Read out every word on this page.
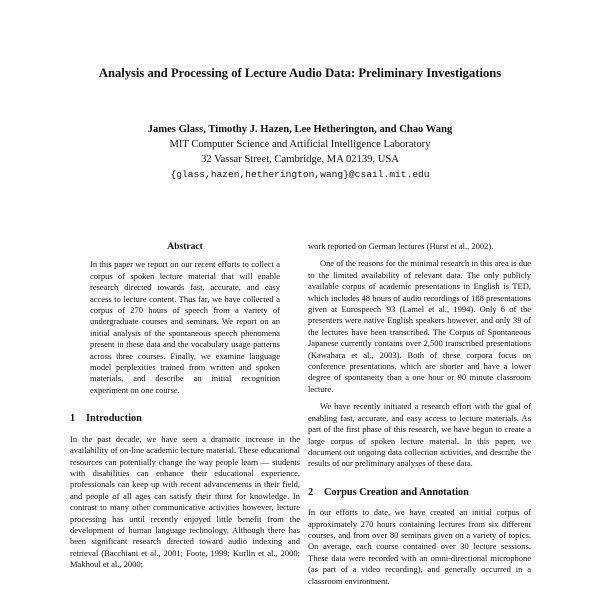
Analysis and Processing of Lecture Audio Data: Preliminary Investigations
James Glass, Timothy J. Hazen, Lee Hetherington, and Chao Wang
MIT Computer Science and Artificial Intelligence Laboratory
32 Vassar Street, Cambridge, MA 02139, USA
{glass,hazen,hetherington,wang}@csail.mit.edu
Abstract

In this paper we report on our recent efforts to collect a corpus of spoken lecture material that will enable research directed towards fast, accurate, and easy access to lecture content. Thus far, we have collected a corpus of 270 hours of speech from a variety of undergraduate courses and seminars. We report on an initial analysis of the spontaneous speech phenomena present in these data and the vocabulary usage patterns across three courses. Finally, we examine language model perplexities trained from written and spoken materials, and describe an initial recognition experiment on one course.

1 Introduction

In the past decade, we have seen a dramatic increase in the availability of on-line academic lecture material. These educational resources can potentially change the way people learn — students with disabilities can enhance their educational experience, professionals can keep up with recent advancements in their field, and people of all ages can satisfy their thirst for knowledge. In contrast to many other communicative activities however, lecture processing has until recently enjoyed little benefit from the development of human language technology. Although there has been significant research directed toward audio indexing and retrieval (Bacchiani et al., 2001; Foote, 1999; Kurlin et al., 2000; Makhoul et al., 2000;

work reported on German lectures (Hurst et al., 2002).

One of the reasons for the minimal research in this area is due to the limited availability of relevant data. The only publicly available corpus of academic presentations in English is TED, which includes 48 hours of audio recordings of 188 presentations given at Eurospeech '93 (Lamel et al., 1994). Only 6 of the presenters were native English speakers however, and only 39 of the lectures have been transcribed. The Corpus of Spontaneous Japanese currently contains over 2,500 transcribed presentations (Kawahara et al., 2003). Both of these corpora focus on conference presentations, which are shorter and have a lower degree of spontaneity than a one hour or 90 minute classroom lecture.

We have recently initiated a research effort with the goal of enabling fast, accurate, and easy access to lecture materials. As part of the first phase of this research, we have begun to create a large corpus of spoken lecture material. In this paper, we document our ongoing data collection activities, and describe the results of our preliminary analyses of these data.

2 Corpus Creation and Annotation

In our efforts to date, we have created an initial corpus of approximately 270 hours containing lectures from six different courses, and from over 80 seminars given on a variety of topics. On average, each course contained over 30 lecture sessions. These data were recorded with an omni-directional microphone (as part of a video recording), and generally occurred in a classroom environment.
